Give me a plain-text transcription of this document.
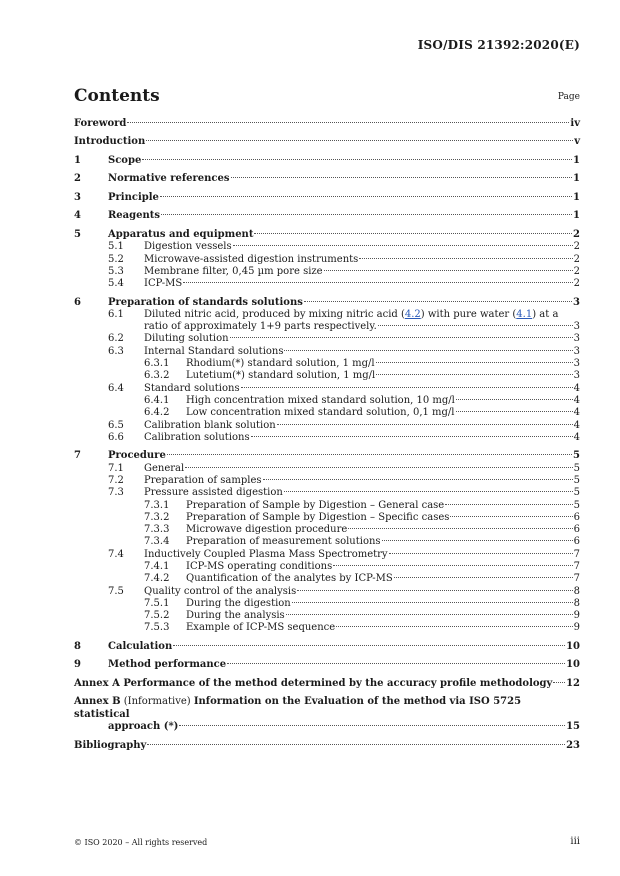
ISO/DIS 21392:2020(E)
Contents	Page
Foreword	iv
Introduction	v
1	Scope	1
2	Normative references	1
3	Principle	1
4	Reagents	1
5	Apparatus and equipment	2
5.1 Digestion vessels	2
5.2 Microwave-assisted digestion instruments	2
5.3 Membrane filter, 0,45 µm pore size	2
5.4 ICP-MS	2
6	Preparation of standards solutions	3
6.1	Diluted nitric acid, produced by mixing nitric acid (4.2) with pure water (4.1) at a
ratio of approximately 1+9 parts respectively.	3
6.2 Diluting solution	3
6.3 Internal Standard solutions	3
6.3.1 Rhodium(*) standard solution, 1 mg/l	3
6.3.2 Lutetium(*) standard solution, 1 mg/l	3
6.4 Standard solutions	4
6.4.1 High concentration mixed standard solution, 10 mg/l	4
6.4.2 Low concentration mixed standard solution, 0,1 mg/l	4
6.5 Calibration blank solution	4
6.6 Calibration solutions	4
7	Procedure	5
7.1 General	5
7.2 Preparation of samples	5
7.3 Pressure assisted digestion	5
7.3.1 Preparation of Sample by Digestion – General case	5
7.3.2 Preparation of Sample by Digestion – Specific cases	6
7.3.3 Microwave digestion procedure	6
7.3.4 Preparation of measurement solutions	6
7.4 Inductively Coupled Plasma Mass Spectrometry	7
7.4.1 ICP-MS operating conditions	7
7.4.2 Quantification of the analytes by ICP-MS	7
7.5 Quality control of the analysis	8
7.5.1 During the digestion	8
7.5.2 During the analysis	9
7.5.3 Example of ICP-MS sequence	9
8	Calculation	10
9	Method performance	10
Annex A Performance of the method determined by the accuracy profile methodology 12
Annex B (Informative) Information on the Evaluation of the method via ISO 5725 statistical
approach (*)	15
Bibliography	23
© ISO 2020 – All rights reserved	iii
